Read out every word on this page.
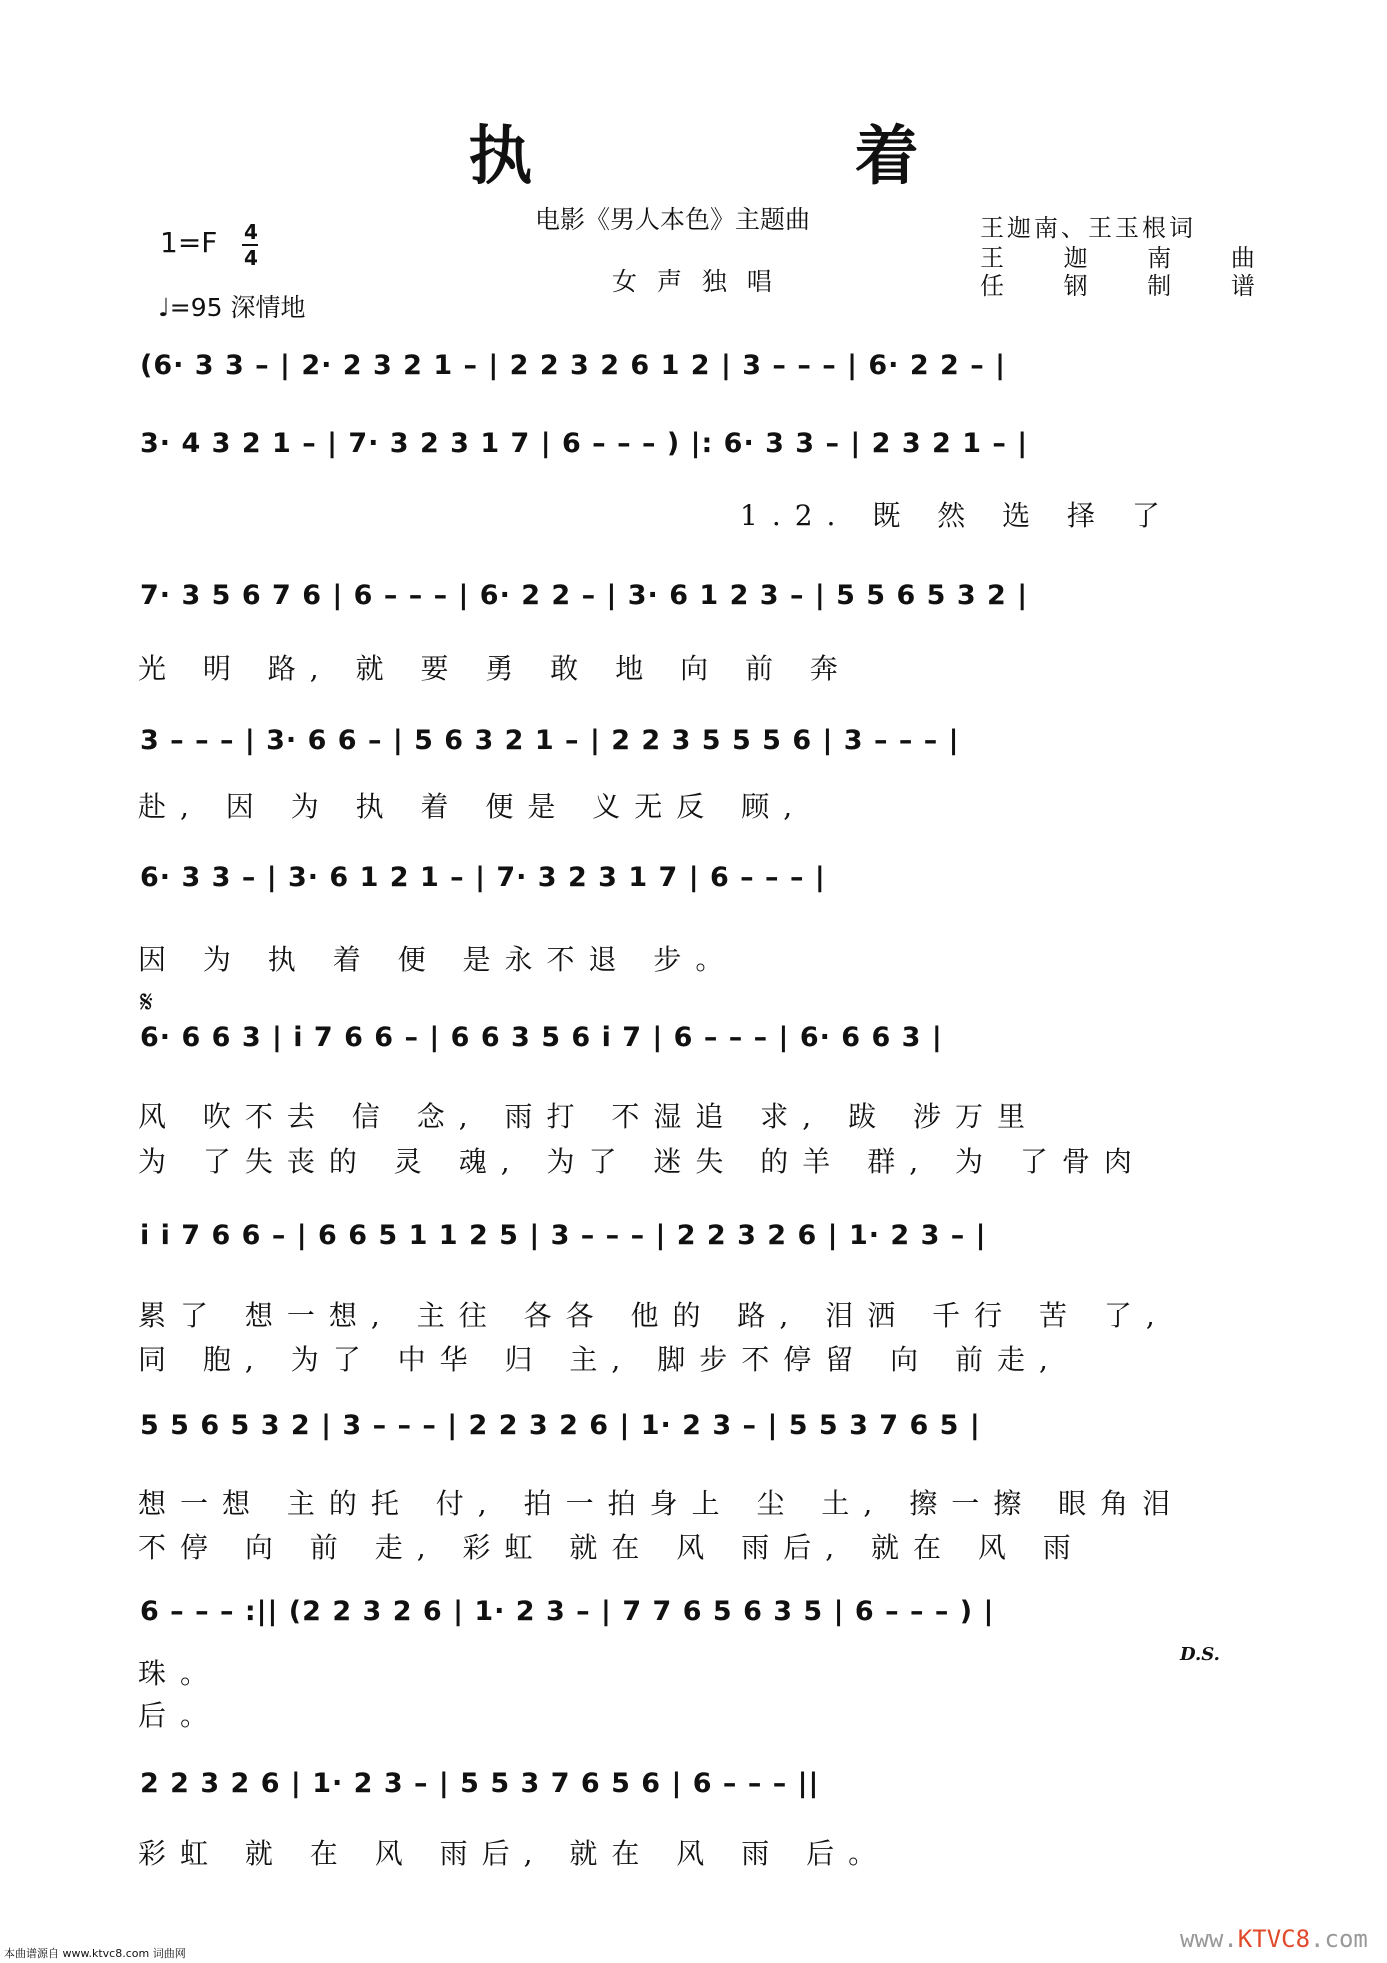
执 着
电影《男人本色》主题曲
女 声 独 唱
王迦南、王玉根词
王 迦 南 曲
任 钢 制 谱
1=F 4
4
♩=95 深情地
(6· 3 3 – | 2· 2 3 2 1 – | 2 2 3 2 6 1 2 | 3 – – – | 6· 2 2 – |
3· 4 3 2 1 – | 7· 3 2 3 1 7 | 6 – – – ) |: 6· 3 3 – | 2 3 2 1 – |
1.2. 既 然 选 择 了
7· 3 5 6 7 6 | 6 – – – | 6· 2 2 – | 3· 6 1 2 3 – | 5 5 6 5 3 2 |
光 明 路, 就 要 勇 敢 地 向 前 奔
3 – – – | 3· 6 6 – | 5 6 3 2 1 – | 2 2 3 5 5 5 6 | 3 – – – |
赴, 因 为 执 着 便是 义无反 顾,
6· 3 3 – | 3· 6 1 2 1 – | 7· 3 2 3 1 7 | 6 – – – |
因 为 执 着 便 是永不退 步。
𝄋
6· 6 6 3 | i 7 6 6 – | 6 6 3 5 6 i 7 | 6 – – – | 6· 6 6 3 |
风 吹不去 信 念, 雨打 不湿追 求, 跋 涉万里
为 了失丧的 灵 魂, 为了 迷失 的羊 群, 为 了骨肉
i i 7 6 6 – | 6 6 5 1 1 2 5 | 3 – – – | 2 2 3 2 6 | 1· 2 3 – |
累了 想一想, 主往 各各 他的 路, 泪洒 千行 苦 了,
同 胞, 为了 中华 归 主, 脚步不停留 向 前走,
5 5 6 5 3 2 | 3 – – – | 2 2 3 2 6 | 1· 2 3 – | 5 5 3 7 6 5 |
想一想 主的托 付, 拍一拍身上 尘 土, 擦一擦 眼角泪
不停 向 前 走, 彩虹 就在 风 雨后, 就在 风 雨
6 – – – :|| (2 2 3 2 6 | 1· 2 3 – | 7 7 6 5 6 3 5 | 6 – – – ) |
D.S.
珠。
后。
2 2 3 2 6 | 1· 2 3 – | 5 5 3 7 6 5 6 | 6 – – – ||
彩虹 就 在 风 雨后, 就在 风 雨 后。
本曲谱源自 www.ktvc8.com 词曲网
www.KTVC8.com
